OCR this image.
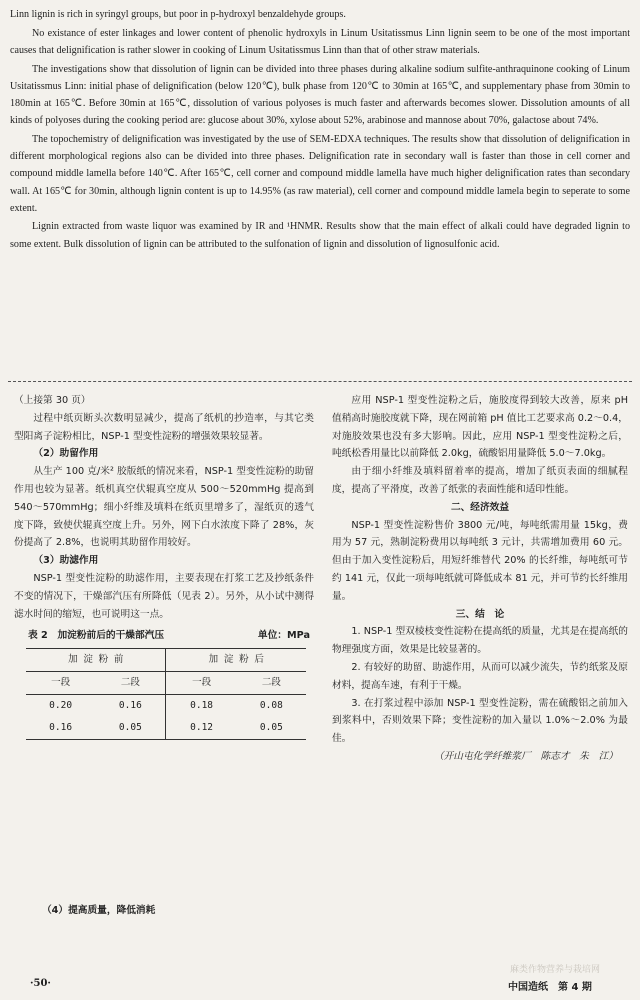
Linn lignin is rich in syringyl groups, but poor in p-hydroxyl benzaldehyde groups.

No existance of ester linkages and lower content of phenolic hydroxyls in Linum Usitatissmus Linn lignin seem to be one of the most important causes that delignification is rather slower in cooking of Linum Usitatissmus Linn than that of other straw materials.

The investigations show that dissolution of lignin can be divided into three phases during alkaline sodium sulfite-anthraquinone cooking of Linum Usitatissmus Linn: initial phase of delignification (below 120℃), bulk phase from 120℃ to 30min at 165℃, and supplementary phase from 30min to 180min at 165℃. Before 30min at 165℃, dissolution of various polyoses is much faster and afterwards becomes slower. Dissolution amounts of all kinds of polyoses during the cooking period are: glucose about 30%, xylose about 52%, arabinose and mannose about 70%, galactose about 74%.

The topochemistry of delignification was investigated by the use of SEM-EDXA techniques. The results show that dissolution of delignification in different morphological regions also can be divided into three phases. Delignification rate in secondary wall is faster than those in cell corner and compound middle lamella before 140℃. After 165℃, cell corner and compound middle lamella have much higher delignification rates than secondary wall. At 165℃ for 30min, although lignin content is up to 14.95% (as raw material), cell corner and compound middle lamela begin to seperate to some extent.

Lignin extracted from waste liquor was examined by IR and ¹HNMR. Results show that the main effect of alkali could have degraded lignin to some extent. Bulk dissolution of lignin can be attributed to the sulfonation of lignin and dissolution of lignosulfonic acid.

（上接第 30 页）

过程中纸页断头次数明显减少，提高了纸机的抄造率，与其它类型阳离子淀粉相比，NSP-1 型变性淀粉的增强效果较显著。

（2）助留作用

从生产 100 克/米² 胶版纸的情况来看，NSP-1 型变性淀粉的助留作用也较为显著。纸机真空伏辊真空度从 500～520mmHg 提高到 540～570mmHg；细小纤维及填料在纸页里增多了，湿纸页的透气度下降，致使伏辊真空度上升。另外，网下白水浓度下降了 28%，灰份提高了 2.8%，也说明其助留作用较好。

（3）助滤作用

NSP-1 型变性淀粉的助滤作用，主要表现在打浆工艺及抄纸条件不变的情况下，干燥部汽压有所降低（见表 2）。另外，从小试中测得滤水时间的缩短，也可说明这一点。

表 2　加淀粉前后的干燥部汽压	单位：MPa
加 淀 粉 前		加 淀 粉 后	
一段	二段	一段	二段
0.20	0.16	0.18	0.08
0.16	0.05	0.12	0.05
（4）提高质量，降低消耗

应用 NSP-1 型变性淀粉之后，施胶度得到较大改善，原来 pH 值稍高时施胶度就下降，现在网前箱 pH 值比工艺要求高 0.2～0.4，对施胶效果也没有多大影响。因此，应用 NSP-1 型变性淀粉之后，吨纸松香用量比以前降低 2.0kg，硫酸铝用量降低 5.0～7.0kg。

由于细小纤维及填料留着率的提高，增加了纸页表面的细腻程度，提高了平滑度，改善了纸张的表面性能和适印性能。

二、经济效益

NSP-1 型变性淀粉售价 3800 元/吨，每吨纸需用量 15kg，费用为 57 元，熟制淀粉费用以每吨纸 3 元计，共需增加费用 60 元。但由于加入变性淀粉后，用短纤维替代 20% 的长纤维，每吨纸可节约 141 元，仅此一项每吨纸就可降低成本 81 元，并可节约长纤维用量。

三、结　论

1. NSP-1 型双棱枝变性淀粉在提高纸的质量，尤其是在提高纸的物理强度方面，效果是比较显著的。

2. 有较好的助留、助滤作用，从而可以减少流失，节约纸浆及原材料，提高车速，有利于干燥。

3. 在打浆过程中添加 NSP-1 型变性淀粉，需在硫酸铝之前加入到浆料中，否则效果下降；变性淀粉的加入量以 1.0%～2.0% 为最佳。

（开山屯化学纤维浆厂　陈志才　朱　江）

麻类作物营养与栽培网
·50·	中国造纸　第 4 期
